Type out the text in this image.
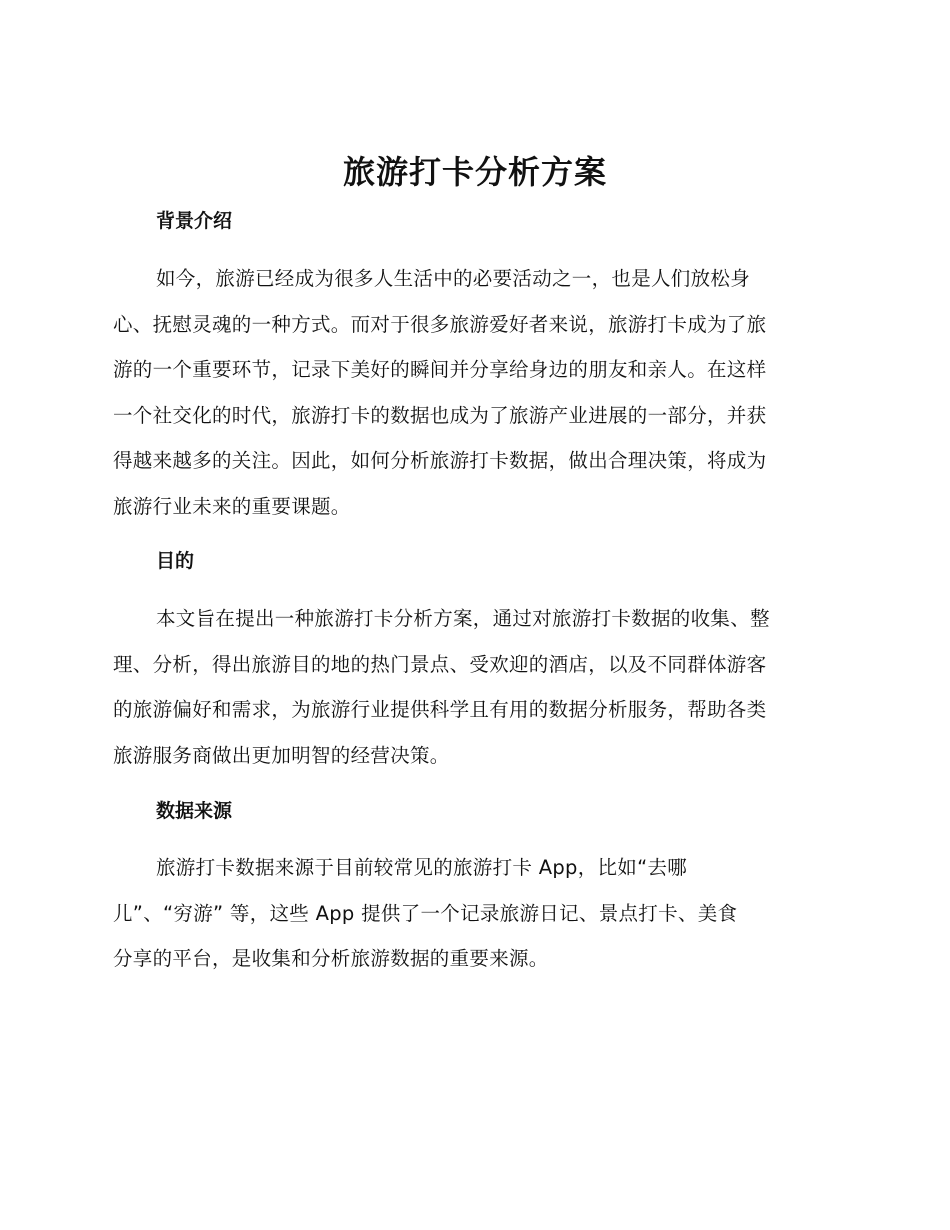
旅游打卡分析方案
背景介绍
如今，旅游已经成为很多人生活中的必要活动之一，也是人们放松身
心、抚慰灵魂的一种方式。而对于很多旅游爱好者来说，旅游打卡成为了旅
游的一个重要环节，记录下美好的瞬间并分享给身边的朋友和亲人。在这样
一个社交化的时代，旅游打卡的数据也成为了旅游产业进展的一部分，并获
得越来越多的关注。因此，如何分析旅游打卡数据，做出合理决策，将成为
旅游行业未来的重要课题。
目的
本文旨在提出一种旅游打卡分析方案，通过对旅游打卡数据的收集、整
理、分析，得出旅游目的地的热门景点、受欢迎的酒店，以及不同群体游客
的旅游偏好和需求，为旅游行业提供科学且有用的数据分析服务，帮助各类
旅游服务商做出更加明智的经营决策。
数据来源
旅游打卡数据来源于目前较常见的旅游打卡 App，比如“去哪
儿”、“穷游” 等，这些 App 提供了一个记录旅游日记、景点打卡、美食
分享的平台，是收集和分析旅游数据的重要来源。
